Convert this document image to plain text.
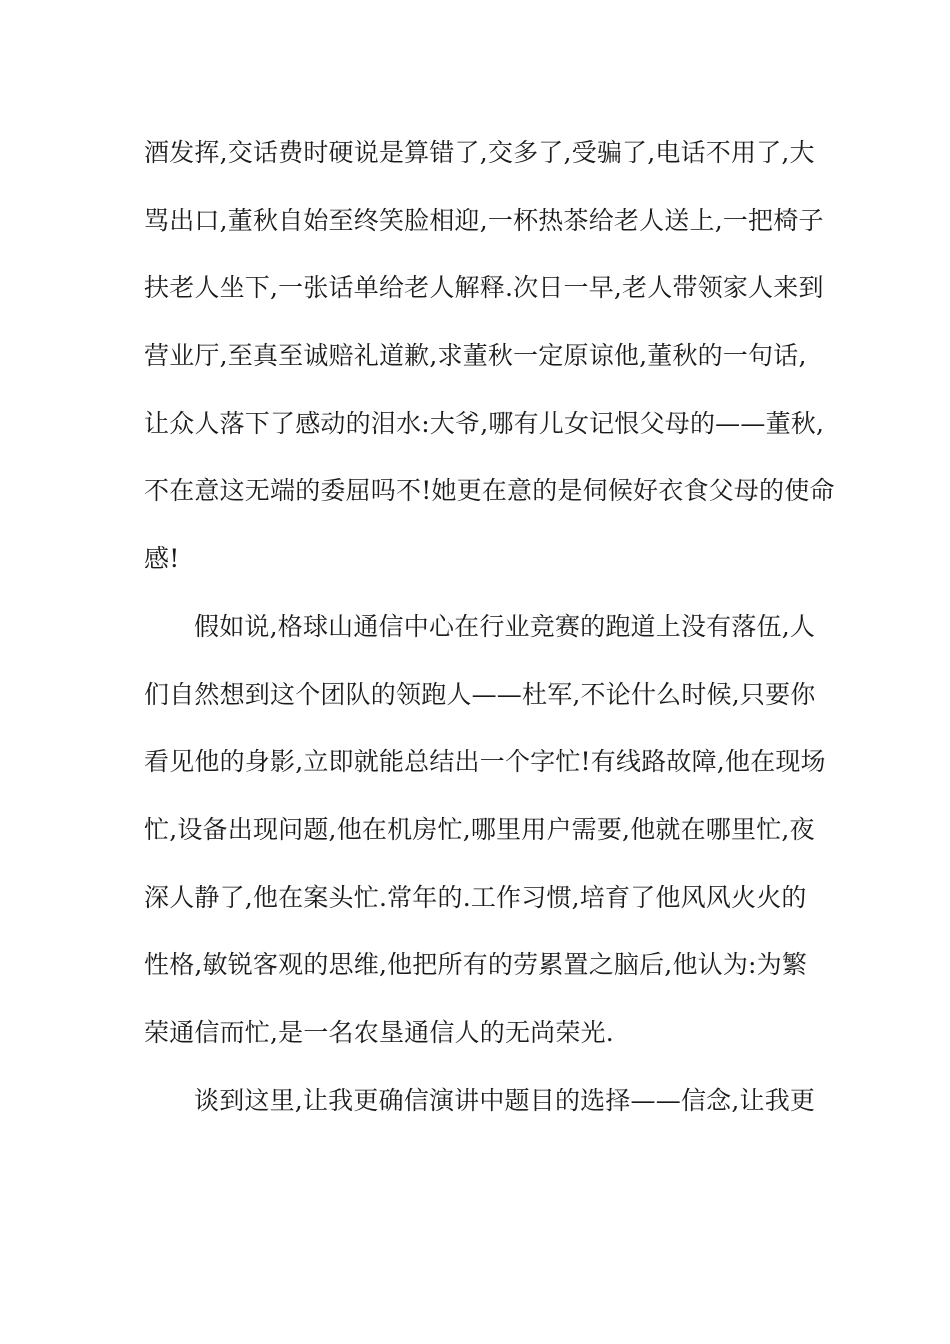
酒发挥,交话费时硬说是算错了,交多了,受骗了,电话不用了,大
骂出口,董秋自始至终笑脸相迎,一杯热茶给老人送上,一把椅子
扶老人坐下,一张话单给老人解释.次日一早,老人带领家人来到
营业厅,至真至诚赔礼道歉,求董秋一定原谅他,董秋的一句话,
让众人落下了感动的泪水:大爷,哪有儿女记恨父母的——董秋,
不在意这无端的委屈吗不!她更在意的是伺候好衣食父母的使命
感!
假如说,格球山通信中心在行业竞赛的跑道上没有落伍,人
们自然想到这个团队的领跑人——杜军,不论什么时候,只要你
看见他的身影,立即就能总结出一个字忙!有线路故障,他在现场
忙,设备出现问题,他在机房忙,哪里用户需要,他就在哪里忙,夜
深人静了,他在案头忙.常年的.工作习惯,培育了他风风火火的
性格,敏锐客观的思维,他把所有的劳累置之脑后,他认为:为繁
荣通信而忙,是一名农垦通信人的无尚荣光.
谈到这里,让我更确信演讲中题目的选择——信念,让我更
